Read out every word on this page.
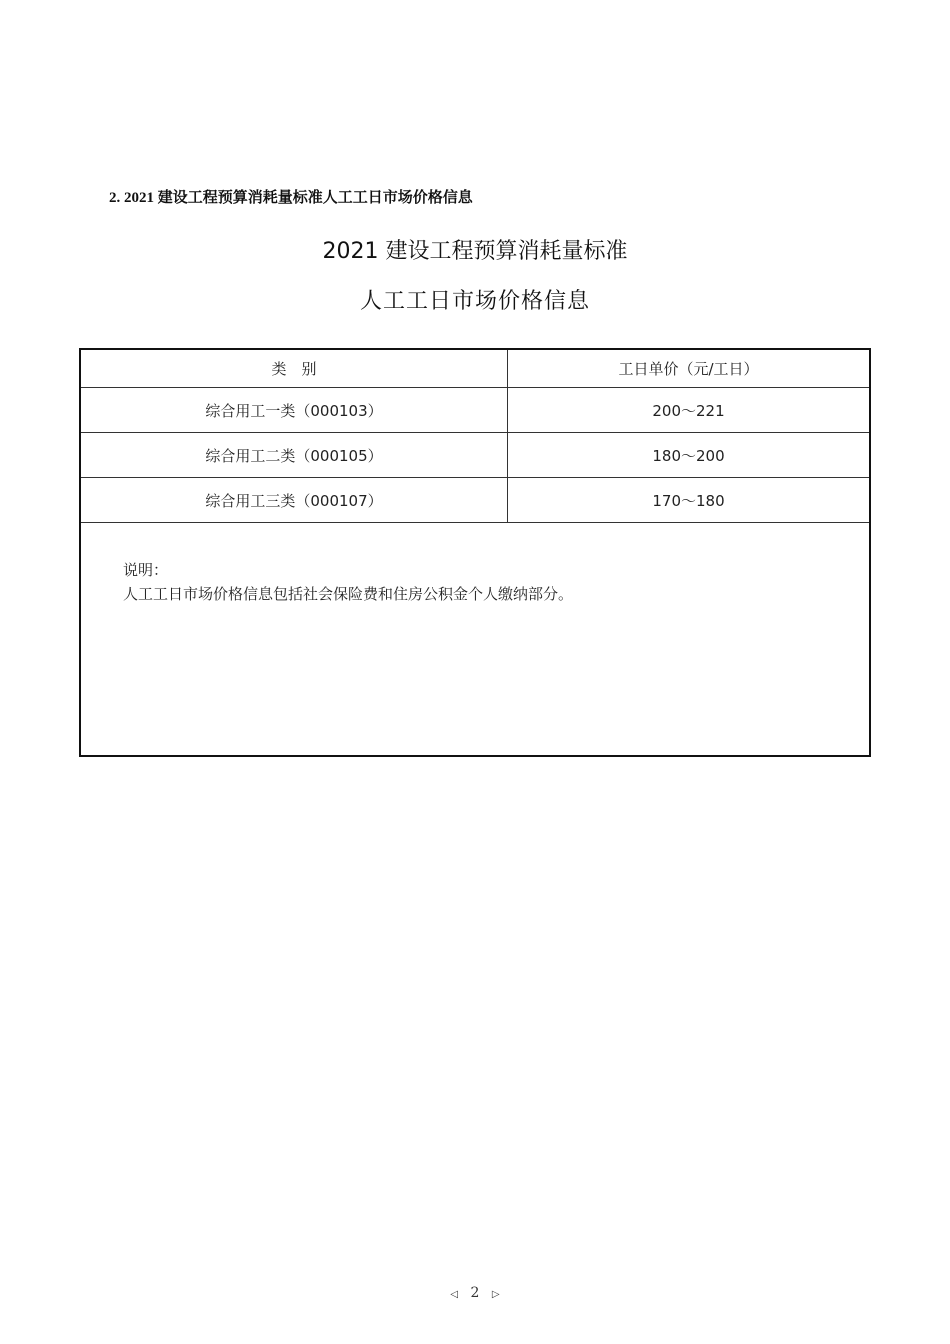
2. 2021 建设工程预算消耗量标准人工工日市场价格信息
2021 建设工程预算消耗量标准
人工工日市场价格信息
类　别	工日单价（元/工日）
综合用工一类（000103）	200～221
综合用工二类（000105）	180～200
综合用工三类（000107）	170～180
说明：
人工工日市场价格信息包括社会保险费和住房公积金个人缴纳部分。
◁ 2 ▷
